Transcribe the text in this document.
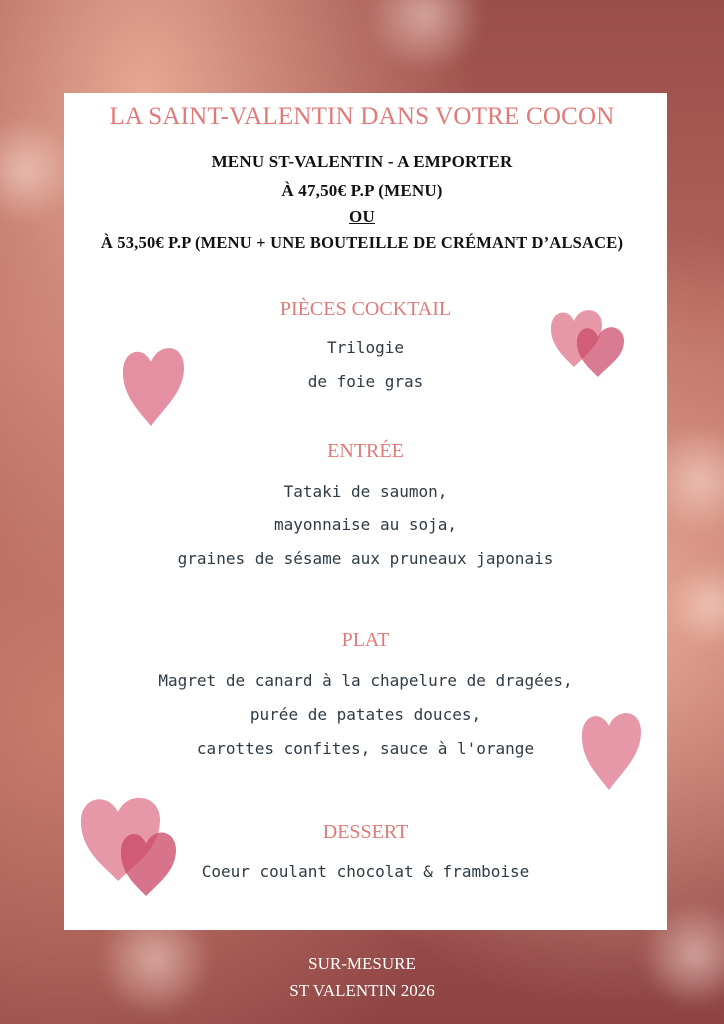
LA SAINT-VALENTIN DANS VOTRE COCON
MENU ST-VALENTIN - A EMPORTER
À 47,50€ P.P (MENU)
OU
À 53,50€ P.P (MENU + UNE BOUTEILLE DE CRÉMANT D’ALSACE)
PIÈCES COCKTAIL
Trilogie
de foie gras
ENTRÉE
Tataki de saumon,
mayonnaise au soja,
graines de sésame aux pruneaux japonais
PLAT
Magret de canard à la chapelure de dragées,
purée de patates douces,
carottes confites, sauce à l'orange
DESSERT
Coeur coulant chocolat & framboise
SUR-MESURE
ST VALENTIN 2026
